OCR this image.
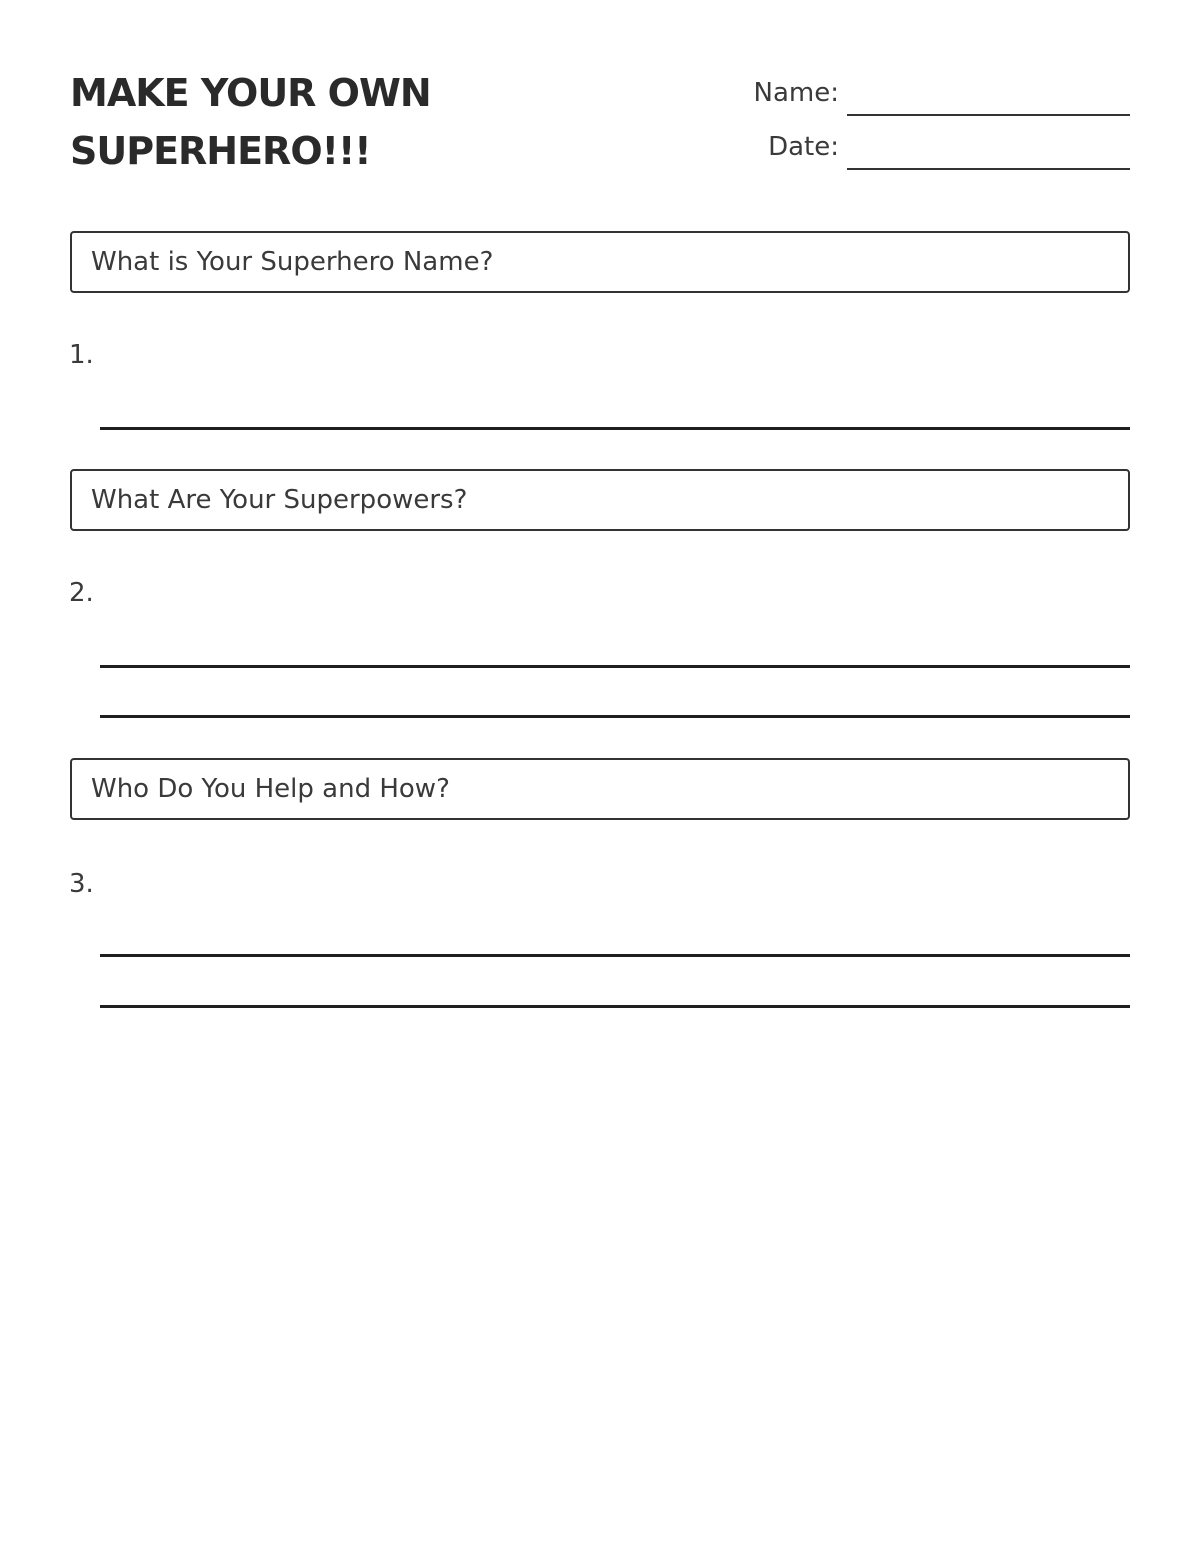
MAKE YOUR OWN
SUPERHERO!!!
Name:
Date:
What is Your Superhero Name?
1.
What Are Your Superpowers?
2.
Who Do You Help and How?
3.
